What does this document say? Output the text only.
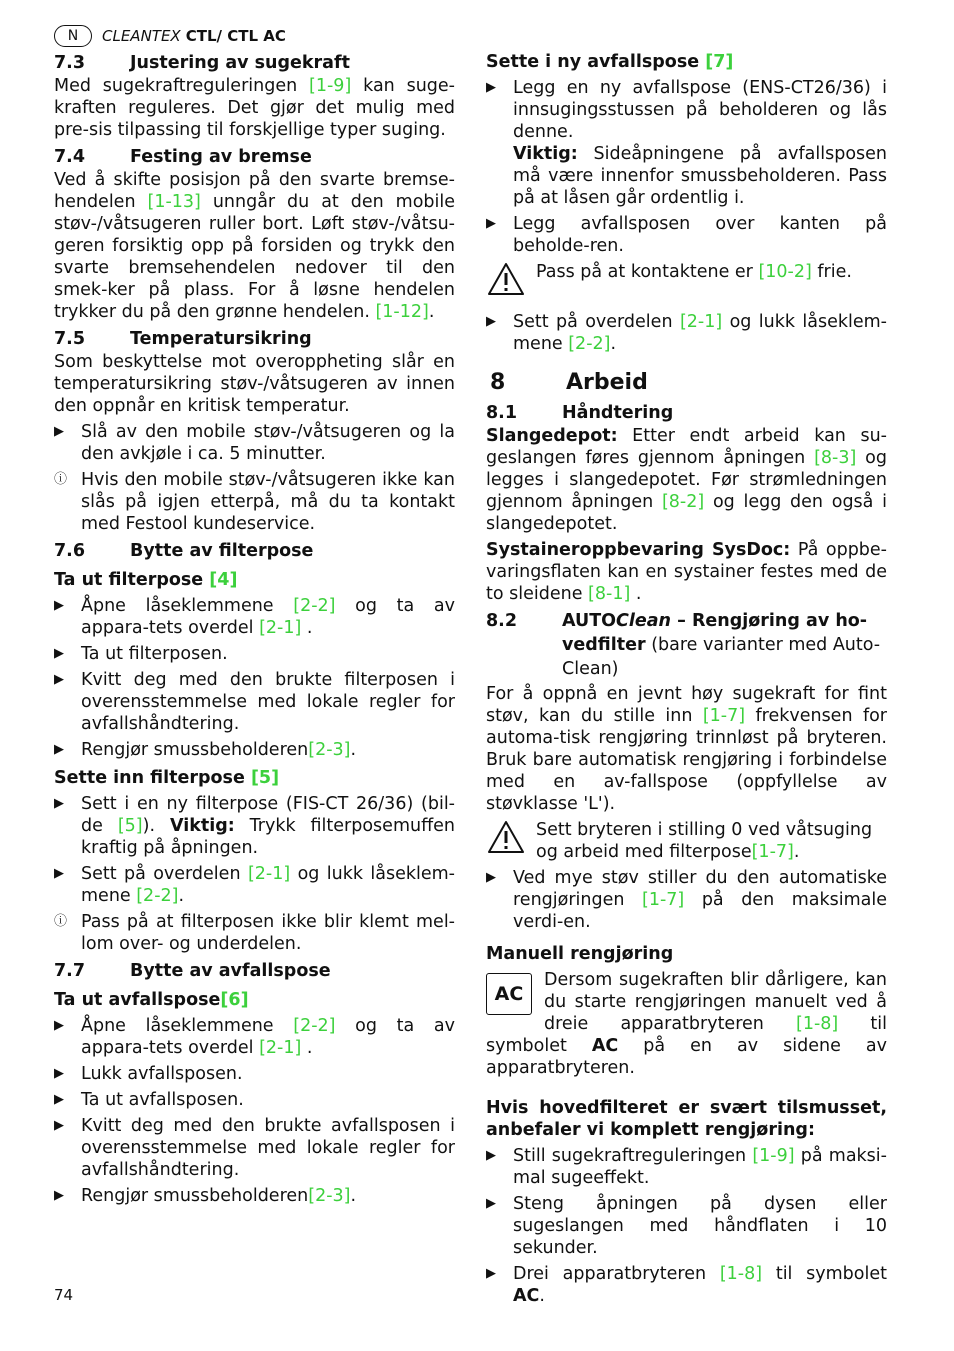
N	CLEANTEX CTL/ CTL AC
7.3	Justering av sugekraft
Med sugekraftreguleringen [1-9] kan suge-kraften reguleres. Det gjør det mulig med pre-sis tilpassing til forskjellige typer suging.
7.4	Festing av bremse
Ved å skifte posisjon på den svarte bremse-hendelen [1-13] unngår du at den mobile støv-/våtsugeren ruller bort. Løft støv-/våtsu-geren forsiktig opp på forsiden og trykk den svarte bremsehendelen nedover til den smek-ker på plass. For å løsne hendelen trykker du på den grønne hendelen. [1-12].
7.5	Temperatursikring
Som beskyttelse mot overoppheting slår en temperatursikring støv-/våtsugeren av innen den oppnår en kritisk temperatur.
▶ Slå av den mobile støv-/våtsugeren og la den avkjøle i ca. 5 minutter.
ⓘ Hvis den mobile støv-/våtsugeren ikke kan slås på igjen etterpå, må du ta kontakt med Festool kundeservice.
7.6	Bytte av filterpose
Ta ut filterpose [4]
▶ Åpne låseklemmene [2-2] og ta av appara-tets overdel [2-1] .
▶ Ta ut filterposen.
▶ Kvitt deg med den brukte filterposen i overensstemmelse med lokale regler for avfallshåndtering.
▶ Rengjør smussbeholderen[2-3].
Sette inn filterpose [5]
▶ Sett i en ny filterpose (FIS-CT 26/36) (bil-de [5]). Viktig: Trykk filterposemuffen kraftig på åpningen.
▶ Sett på overdelen [2-1] og lukk låseklem-mene [2-2].
ⓘ Pass på at filterposen ikke blir klemt mel-lom over- og underdelen.
7.7	Bytte av avfallspose
Ta ut avfallspose[6]
▶ Åpne låseklemmene [2-2] og ta av appara-tets overdel [2-1] .
▶ Lukk avfallsposen.
▶ Ta ut avfallsposen.
▶ Kvitt deg med den brukte avfallsposen i overensstemmelse med lokale regler for avfallshåndtering.
▶ Rengjør smussbeholderen[2-3].
Sette i ny avfallspose [7]
▶ Legg en ny avfallspose (ENS-CT26/36) i innsugingsstussen på beholderen og lås denne.
Viktig: Sideåpningene på avfallsposen må være innenfor smussbeholderen. Pass på at låsen går ordentlig i.
▶ Legg avfallsposen over kanten på beholde-ren.
Pass på at kontaktene er [10-2] frie.
▶ Sett på overdelen [2-1] og lukk låseklem-mene [2-2].
8	Arbeid
8.1	Håndtering
Slangedepot: Etter endt arbeid kan su-geslangen føres gjennom åpningen [8-3] og legges i slangedepotet. Før strømledningen gjennom åpningen [8-2] og legg den også i slangedepotet.
Systaineroppbevaring SysDoc: På oppbe-varingsflaten kan en systainer festes med de to sleidene [8-1] .
8.2	AUTOClean – Rengjøring av ho-vedfilter (bare varianter med Auto-Clean)
For å oppnå en jevnt høy sugekraft for fint støv, kan du stille inn [1-7] frekvensen for automa-tisk rengjøring trinnløst på bryteren. Bruk bare automatisk rengjøring i forbindelse med en av-fallspose (oppfyllelse av støvklasse 'L').
Sett bryteren i stilling 0 ved våtsuging og arbeid med filterpose[1-7].
▶ Ved mye støv stiller du den automatiske rengjøringen [1-7] på den maksimale verdi-en.
Manuell rengjøring
AC
Dersom sugekraften blir dårligere, kan du starte rengjøringen manuelt ved å dreie apparatbryteren [1-8] til symbolet AC på en av sidene av apparatbryteren.
Hvis hovedfilteret er svært tilsmusset, anbefaler vi komplett rengjøring:
▶ Still sugekraftreguleringen [1-9] på maksi-mal sugeeffekt.
▶ Steng åpningen på dysen eller sugeslangen med håndflaten i 10 sekunder.
▶ Drei apparatbryteren [1-8] til symbolet AC.
74
